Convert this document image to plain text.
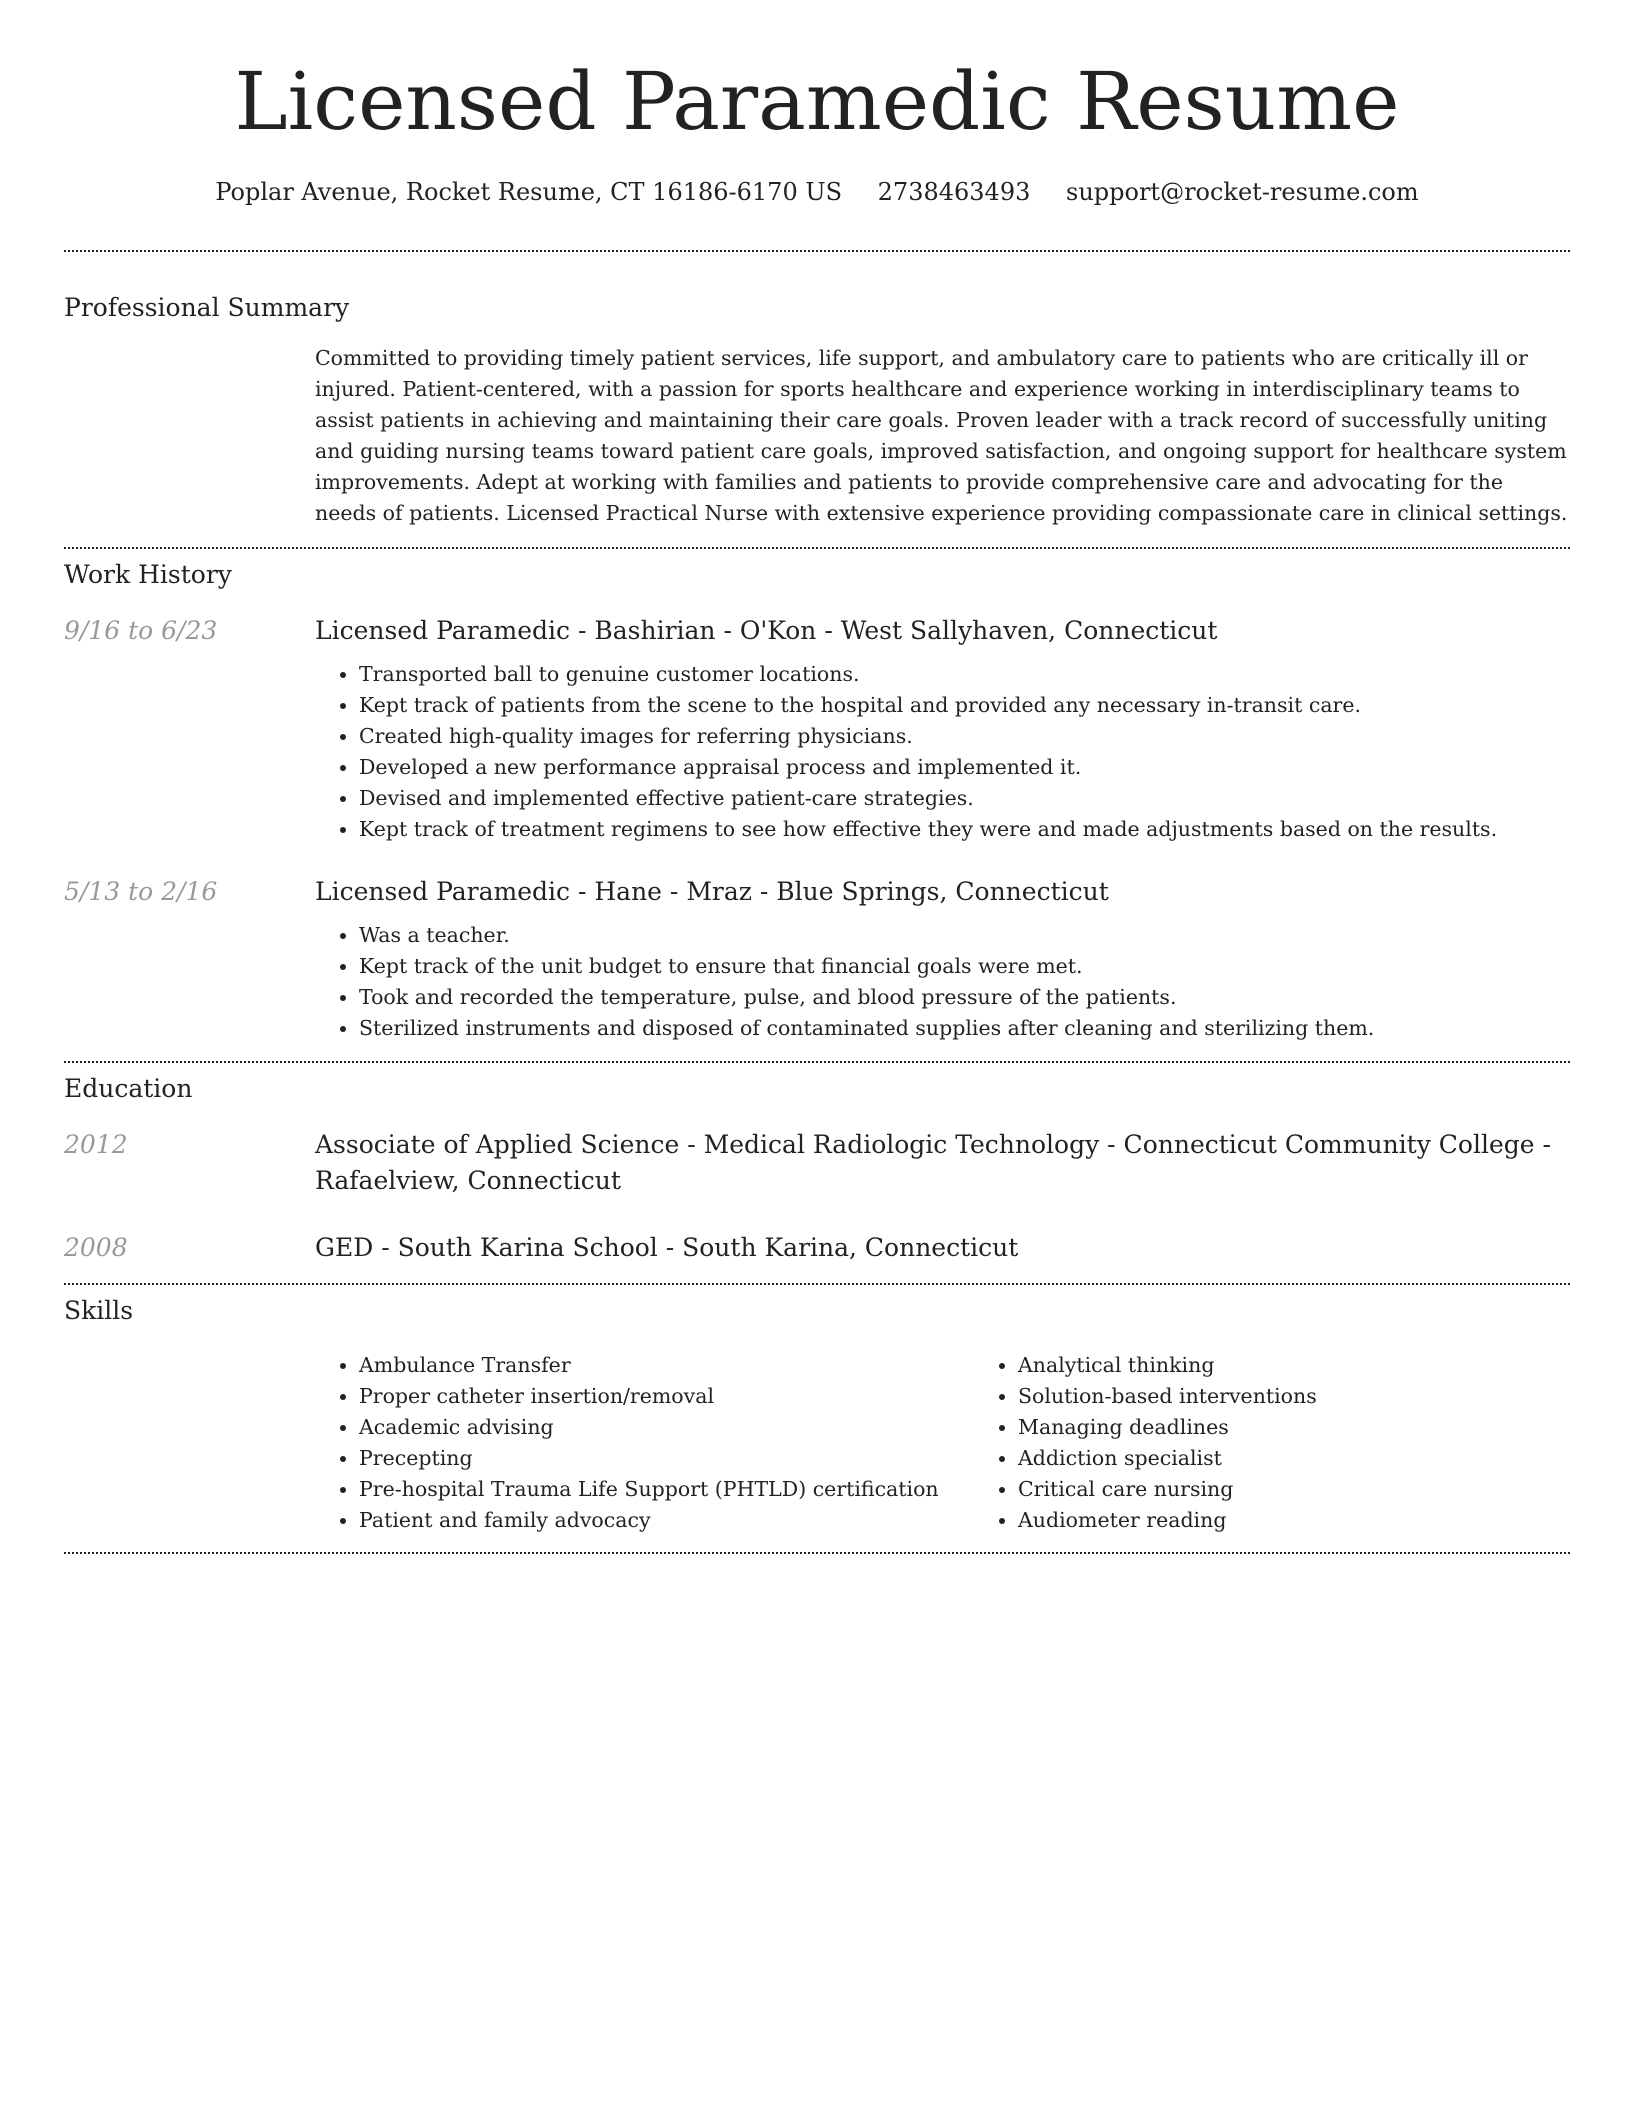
Licensed Paramedic Resume
Poplar Avenue, Rocket Resume, CT 16186-6170 US 2738463493 support@rocket-resume.com
Professional Summary
Committed to providing timely patient services, life support, and ambulatory care to patients who are critically ill or injured. Patient-centered, with a passion for sports healthcare and experience working in interdisciplinary teams to assist patients in achieving and maintaining their care goals. Proven leader with a track record of successfully uniting and guiding nursing teams toward patient care goals, improved satisfaction, and ongoing support for healthcare system improvements. Adept at working with families and patients to provide comprehensive care and advocating for the needs of patients. Licensed Practical Nurse with extensive experience providing compassionate care in clinical settings.
Work History
9/16 to 6/23	Licensed Paramedic - Bashirian - O'Kon - West Sallyhaven, Connecticut
• Transported ball to genuine customer locations.
• Kept track of patients from the scene to the hospital and provided any necessary in-transit care.
• Created high-quality images for referring physicians.
• Developed a new performance appraisal process and implemented it.
• Devised and implemented effective patient-care strategies.
• Kept track of treatment regimens to see how effective they were and made adjustments based on the results.
5/13 to 2/16	Licensed Paramedic - Hane - Mraz - Blue Springs, Connecticut
• Was a teacher.
• Kept track of the unit budget to ensure that financial goals were met.
• Took and recorded the temperature, pulse, and blood pressure of the patients.
• Sterilized instruments and disposed of contaminated supplies after cleaning and sterilizing them.
Education
2012	Associate of Applied Science - Medical Radiologic Technology - Connecticut Community College - Rafaelview, Connecticut
2008	GED - South Karina School - South Karina, Connecticut
Skills
• Ambulance Transfer
• Proper catheter insertion/removal
• Academic advising
• Precepting
• Pre-hospital Trauma Life Support (PHTLD) certification
• Patient and family advocacy
• Analytical thinking
• Solution-based interventions
• Managing deadlines
• Addiction specialist
• Critical care nursing
• Audiometer reading
